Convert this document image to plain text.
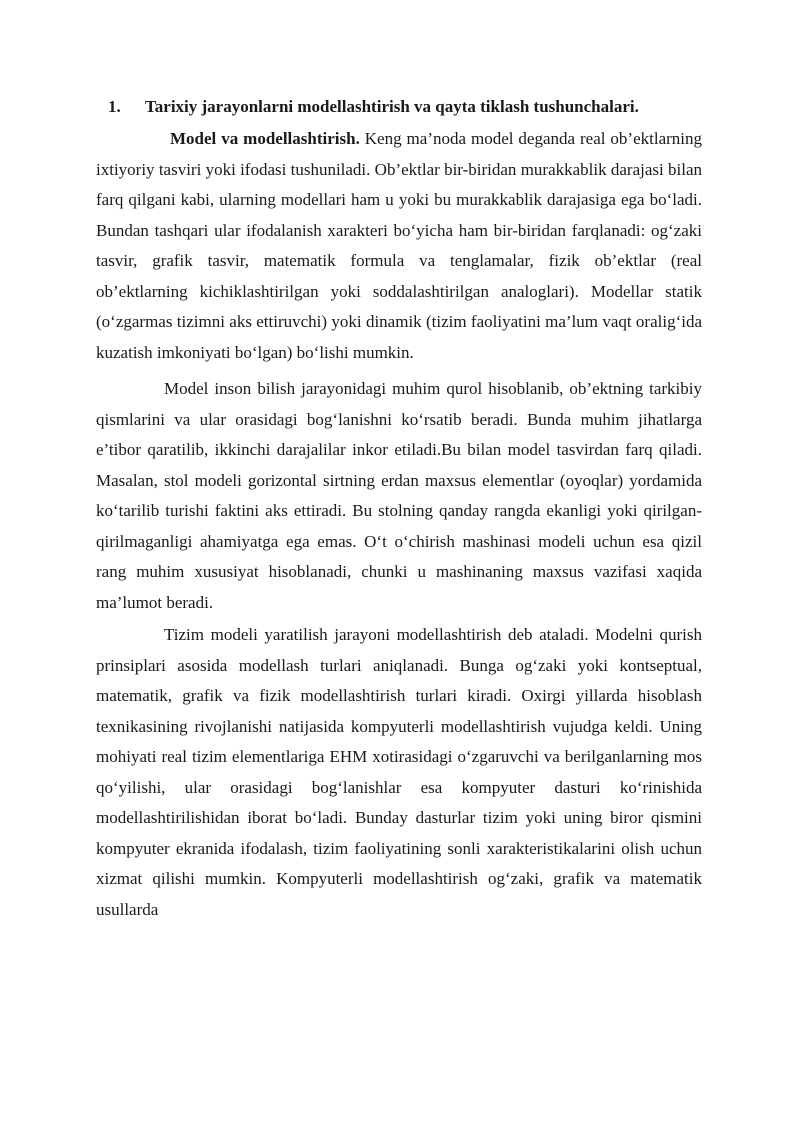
1. Tarixiy jarayonlarni modellashtirish va qayta tiklash tushunchalari.

Model va modellashtirish. Keng ma’noda model deganda real ob’ektlarning ixtiyoriy tasviri yoki ifodasi tushuniladi. Ob’ektlar bir-biridan murakkablik darajasi bilan farq qilgani kabi, ularning modellari ham u yoki bu murakkablik darajasiga ega bo‘ladi. Bundan tashqari ular ifodalanish xarakteri bo‘yicha ham bir-biridan farqlanadi: og‘zaki tasvir, grafik tasvir, matematik formula va tenglamalar, fizik ob’ektlar (real ob’ektlarning kichiklashtirilgan yoki soddalashtirilgan analoglari). Modellar statik (o‘zgarmas tizimni aks ettiruvchi) yoki dinamik (tizim faoliyatini ma’lum vaqt oralig‘ida kuzatish imkoniyati bo‘lgan) bo‘lishi mumkin.

Model inson bilish jarayonidagi muhim qurol hisoblanib, ob’ektning tarkibiy qismlarini va ular orasidagi bog‘lanishni ko‘rsatib beradi. Bunda muhim jihatlarga e’tibor qaratilib, ikkinchi darajalilar inkor etiladi.Bu bilan model tasvirdan farq qiladi. Masalan, stol modeli gorizontal sirtning erdan maxsus elementlar (oyoqlar) yordamida ko‘tarilib turishi faktini aks ettiradi. Bu stolning qanday rangda ekanligi yoki qirilgan-qirilmaganligi ahamiyatga ega emas. O‘t o‘chirish mashinasi modeli uchun esa qizil rang muhim xususiyat hisoblanadi, chunki u mashinaning maxsus vazifasi xaqida ma’lumot beradi.

Tizim modeli yaratilish jarayoni modellashtirish deb ataladi. Modelni qurish prinsiplari asosida modellash turlari aniqlanadi. Bunga og‘zaki yoki kontseptual, matematik, grafik va fizik modellashtirish turlari kiradi. Oxirgi yillarda hisoblash texnikasining rivojlanishi natijasida kompyuterli modellashtirish vujudga keldi. Uning mohiyati real tizim elementlariga EHM xotirasidagi o‘zgaruvchi va berilganlarning mos qo‘yilishi, ular orasidagi bog‘lanishlar esa kompyuter dasturi ko‘rinishida modellashtirilishidan iborat bo‘ladi. Bunday dasturlar tizim yoki uning biror qismini kompyuter ekranida ifodalash, tizim faoliyatining sonli xarakteristikalarini olish uchun xizmat qilishi mumkin. Kompyuterli modellashtirish og‘zaki, grafik va matematik usullarda
